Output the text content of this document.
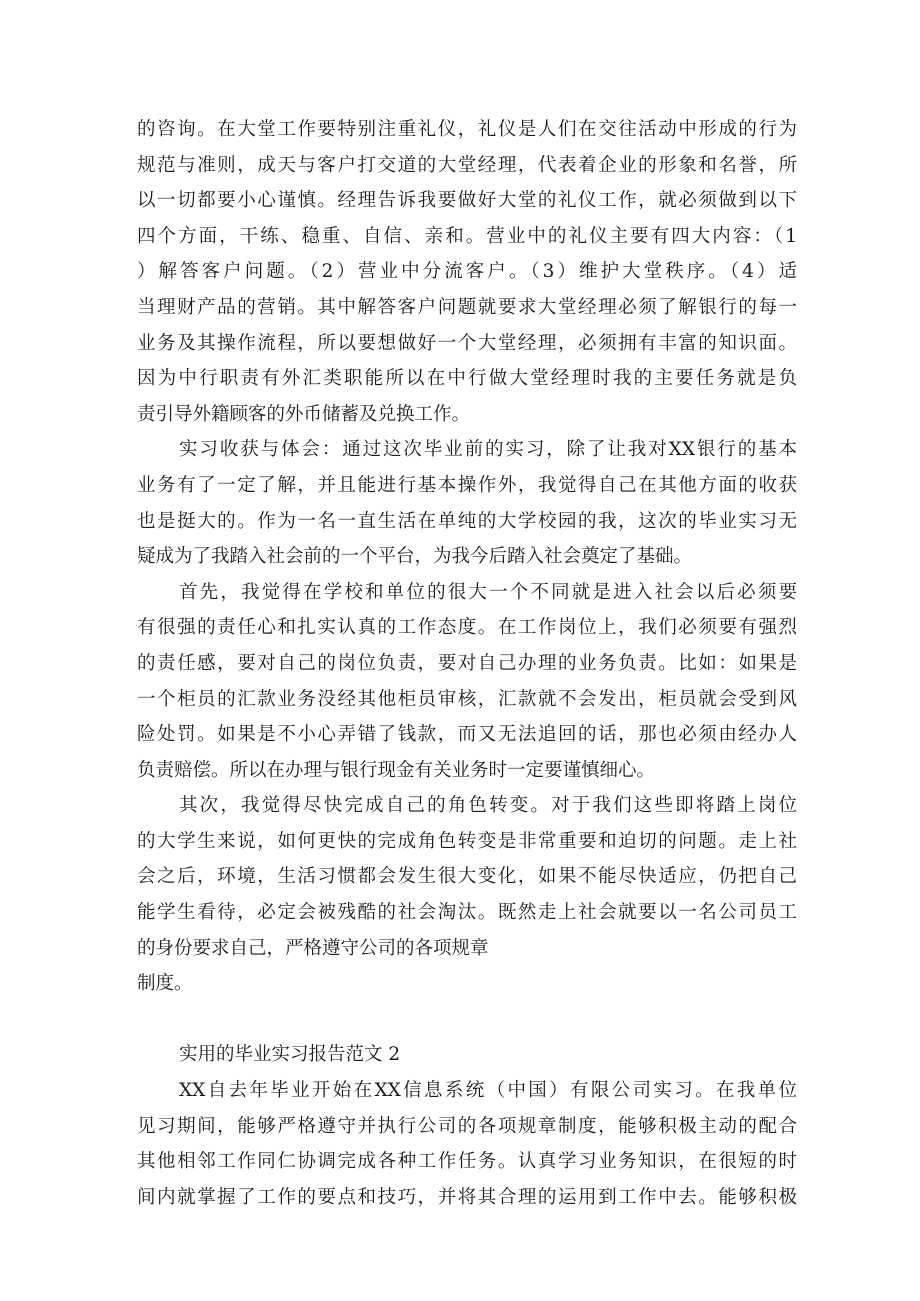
的咨询。在大堂工作要特别注重礼仪，礼仪是人们在交往活动中形成的行为
规范与准则，成天与客户打交道的大堂经理，代表着企业的形象和名誉，所
以一切都要小心谨慎。经理告诉我要做好大堂的礼仪工作，就必须做到以下
四个方面，干练、稳重、自信、亲和。营业中的礼仪主要有四大内容：（1
）解答客户问题。（2）营业中分流客户。（3）维护大堂秩序。（4）适
当理财产品的营销。其中解答客户问题就要求大堂经理必须了解银行的每一
业务及其操作流程，所以要想做好一个大堂经理，必须拥有丰富的知识面。
因为中行职责有外汇类职能所以在中行做大堂经理时我的主要任务就是负
责引导外籍顾客的外币储蓄及兑换工作。
实习收获与体会：通过这次毕业前的实习，除了让我对XX银行的基本
业务有了一定了解，并且能进行基本操作外，我觉得自己在其他方面的收获
也是挺大的。作为一名一直生活在单纯的大学校园的我，这次的毕业实习无
疑成为了我踏入社会前的一个平台，为我今后踏入社会奠定了基础。
首先，我觉得在学校和单位的很大一个不同就是进入社会以后必须要
有很强的责任心和扎实认真的工作态度。在工作岗位上，我们必须要有强烈
的责任感，要对自己的岗位负责，要对自己办理的业务负责。比如：如果是
一个柜员的汇款业务没经其他柜员审核，汇款就不会发出，柜员就会受到风
险处罚。如果是不小心弄错了钱款，而又无法追回的话，那也必须由经办人
负责赔偿。所以在办理与银行现金有关业务时一定要谨慎细心。
其次，我觉得尽快完成自己的角色转变。对于我们这些即将踏上岗位
的大学生来说，如何更快的完成角色转变是非常重要和迫切的问题。走上社
会之后，环境，生活习惯都会发生很大变化，如果不能尽快适应，仍把自己
能学生看待，必定会被残酷的社会淘汰。既然走上社会就要以一名公司员工
的身份要求自己，严格遵守公司的各项规章
制度。
实用的毕业实习报告范文 2
XX自去年毕业开始在XX信息系统（中国）有限公司实习。在我单位
见习期间，能够严格遵守并执行公司的各项规章制度，能够积极主动的配合
其他相邻工作同仁协调完成各种工作任务。认真学习业务知识，在很短的时
间内就掌握了工作的要点和技巧，并将其合理的运用到工作中去。能够积极
